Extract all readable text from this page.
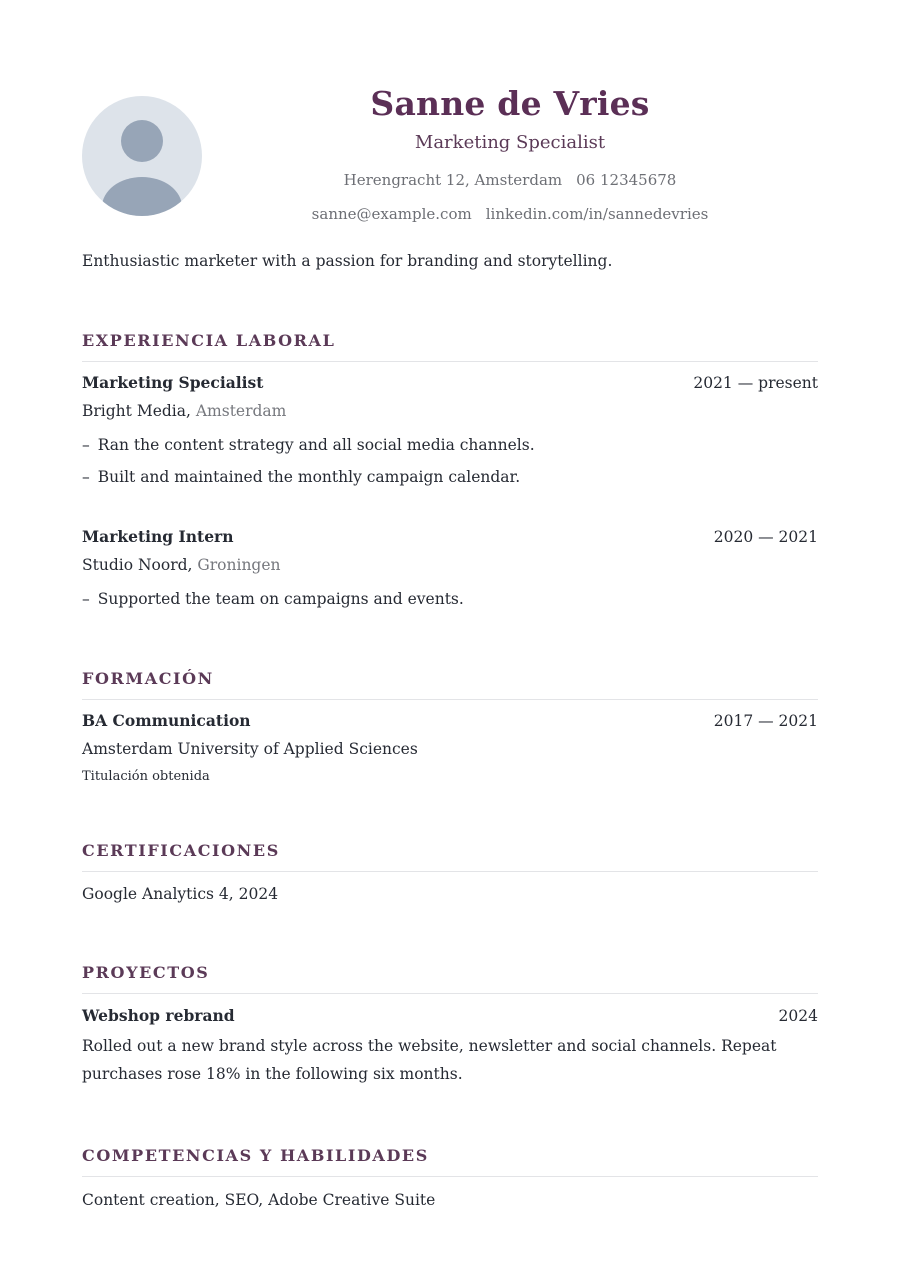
Sanne de Vries
Marketing Specialist
Herengracht 12, Amsterdam 06 12345678
sanne@example.com linkedin.com/in/sannedevries
Enthusiastic marketer with a passion for branding and storytelling.
EXPERIENCIA LABORAL
Marketing Specialist	2021 — present
Bright Media, Amsterdam
– Ran the content strategy and all social media channels.
– Built and maintained the monthly campaign calendar.
Marketing Intern	2020 — 2021
Studio Noord, Groningen
– Supported the team on campaigns and events.
FORMACIÓN
BA Communication	2017 — 2021
Amsterdam University of Applied Sciences
Titulación obtenida
CERTIFICACIONES
Google Analytics 4, 2024
PROYECTOS
Webshop rebrand	2024
Rolled out a new brand style across the website, newsletter and social channels. Repeat purchases rose 18% in the following six months.
COMPETENCIAS Y HABILIDADES
Content creation, SEO, Adobe Creative Suite
